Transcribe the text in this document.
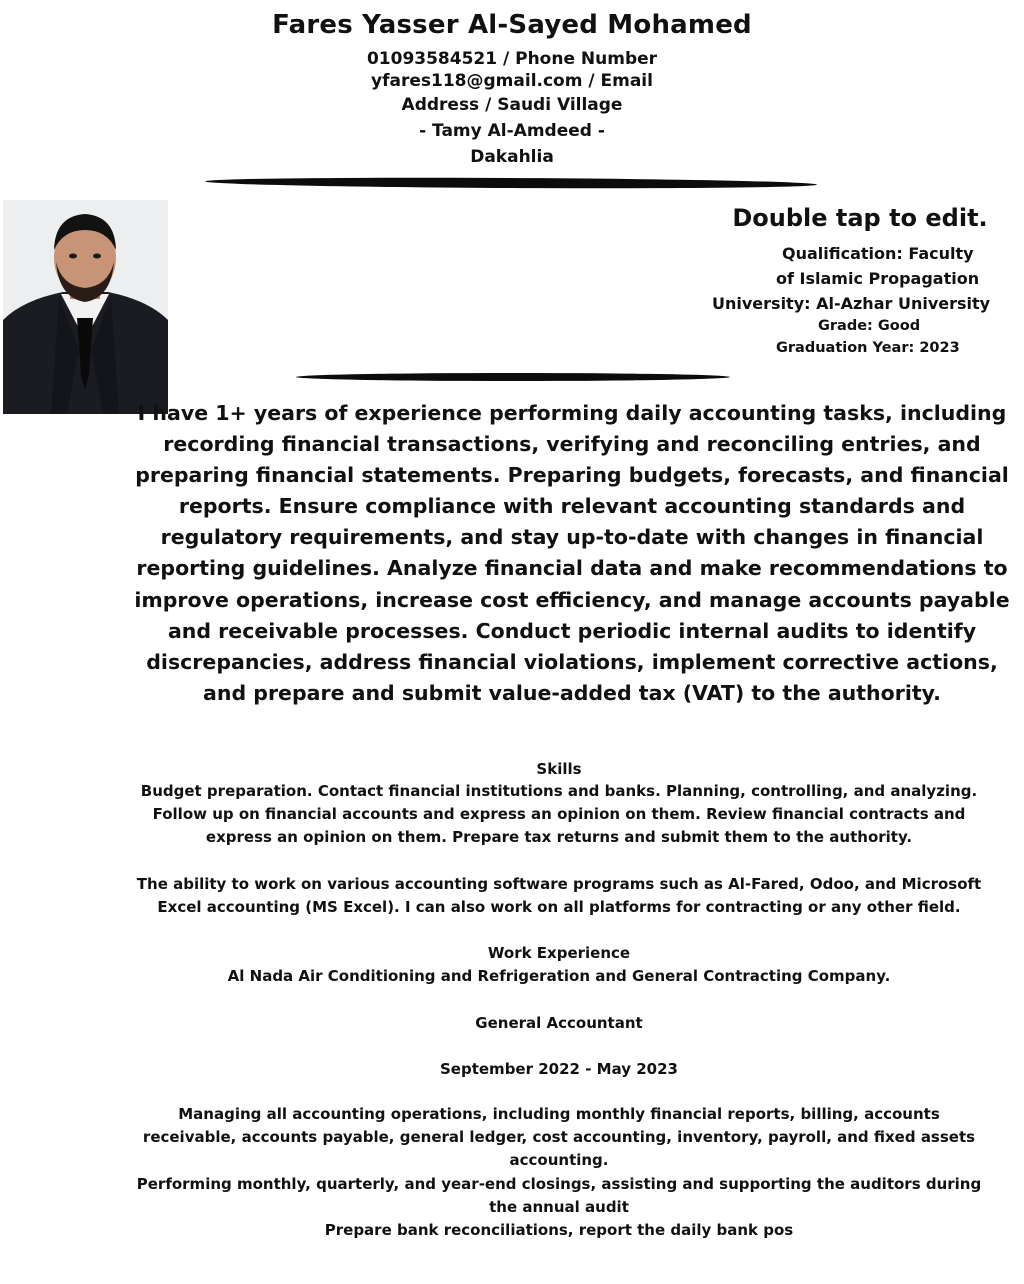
Fares Yasser Al-Sayed Mohamed
01093584521 / Phone Number
yfares118@gmail.com / Email
Address / Saudi Village
- Tamy Al-Amdeed -
Dakahlia
Double tap to edit.
Qualification: Faculty
of Islamic Propagation
University: Al-Azhar University
Grade: Good
Graduation Year: 2023
I have 1+ years of experience performing daily accounting tasks, including recording financial transactions, verifying and reconciling entries, and preparing financial statements. Preparing budgets, forecasts, and financial reports. Ensure compliance with relevant accounting standards and regulatory requirements, and stay up-to-date with changes in financial reporting guidelines. Analyze financial data and make recommendations to improve operations, increase cost efficiency, and manage accounts payable and receivable processes. Conduct periodic internal audits to identify discrepancies, address financial violations, implement corrective actions, and prepare and submit value-added tax (VAT) to the authority.
Skills
Budget preparation. Contact financial institutions and banks. Planning, controlling, and analyzing. Follow up on financial accounts and express an opinion on them. Review financial contracts and express an opinion on them. Prepare tax returns and submit them to the authority.
The ability to work on various accounting software programs such as Al-Fared, Odoo, and Microsoft Excel accounting (MS Excel). I can also work on all platforms for contracting or any other field.
Work Experience
Al Nada Air Conditioning and Refrigeration and General Contracting Company.
General Accountant
September 2022 - May 2023
Managing all accounting operations, including monthly financial reports, billing, accounts receivable, accounts payable, general ledger, cost accounting, inventory, payroll, and fixed assets accounting.
Performing monthly, quarterly, and year-end closings, assisting and supporting the auditors during the annual audit
Prepare bank reconciliations, report the daily bank pos
